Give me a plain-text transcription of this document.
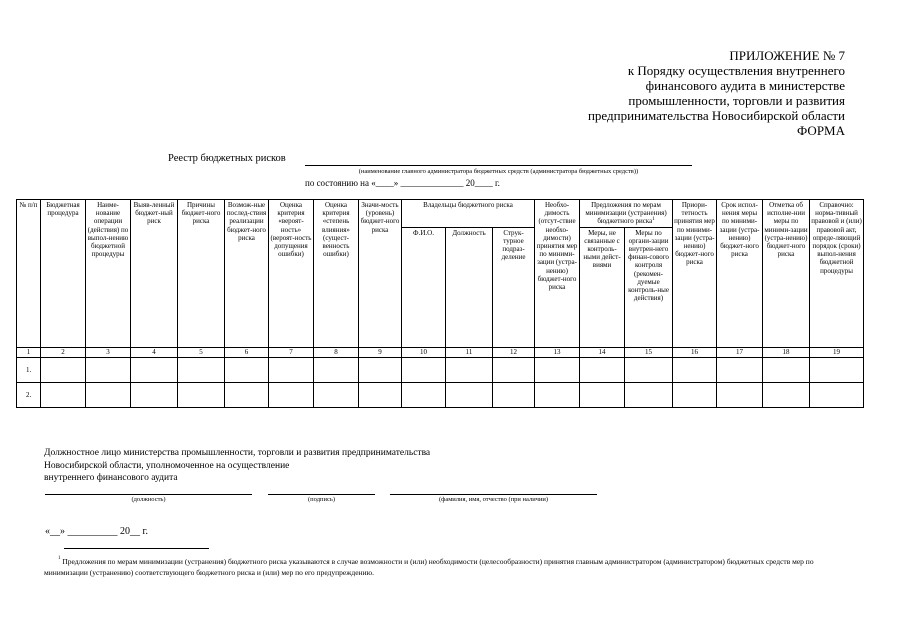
ПРИЛОЖЕНИЕ № 7
к Порядку осуществления внутреннего
финансового аудита в министерстве
промышленности, торговли и развития
предпринимательства Новосибирской области
ФОРМА
Реестр бюджетных рисков
(наименование главного администратора бюджетных средств (администратора бюджетных средств))
по состоянию на «____» ______________ 20____ г.
№ п/п	Бюджетная процедура	Наиме-нование операции (действия) по выпол-нению бюджетной процедуры	Выяв-ленный бюджет-ный риск	Причины бюджет-ного риска	Возмож-ные послед-ствия реализации бюджет-ного риска	Оценка критерия «вероят-ность» (вероят-ность допущения ошибки)	Оценка критерия «степень влияния» (сущест-венность ошибки)	Значи-мость (уровень) бюджет-ного риска	Владельцы бюджетного риска			Необхо-димость (отсут-ствие необхо-димости) принятия мер по миними-зации (устра-нению) бюджет-ного риска	Предложения по мерам минимизации (устранения) бюджетного риска$^1$		Приори-тетность принятия мер по миними-зации (устра-нению) бюджет-ного риска	Срок испол-нения меры по миними-зации (устра-нению) бюджет-ного риска	Отметка об исполне-нии меры по миними-зации (устра-нению) бюджет-ного риска	Справочно: норма-тивный правовой и (или) правовой акт, опреде-ляющий порядок (сроки) выпол-нения бюджетной процедуры
									Ф.И.О.	Должность	Струк-турное подраз-деление		Меры, не связанные с контроль-ными дейст-виями	Меры по органи-зации внутрен-него финан-сового контроля (рекомен-дуемые контроль-ные действия)				
1	2	3	4	5	6	7	8	9	10	11	12	13	14	15	16	17	18	19
1.																		
2.																		
Должностное лицо министерства промышленности, торговли и развития предпринимательства
Новосибирской области, уполномоченное на осуществление
внутреннего финансового аудита
(должность)	(подпись)	(фамилия, имя, отчество (при наличии)
«__» __________ 20__ г.
$^1$ Предложения по мерам минимизации (устранения) бюджетного риска указываются в случае возможности и (или) необходимости (целесообразности) принятия главным администратором (администратором) бюджетных средств мер по минимизации (устранению) соответствующего бюджетного риска и (или) мер по его предупреждению.
